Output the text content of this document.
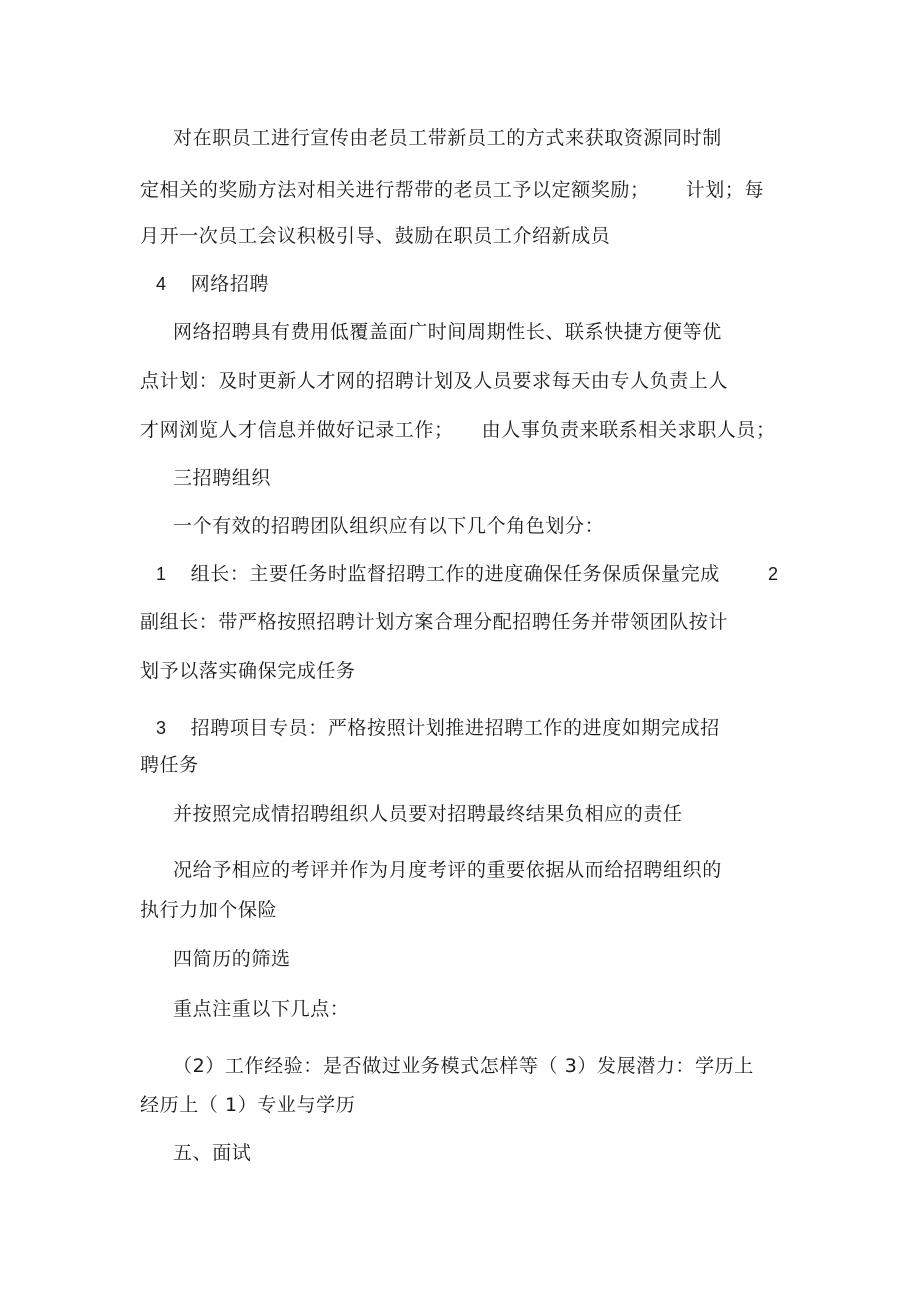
对在职员工进行宣传由老员工带新员工的方式来获取资源同时制
定相关的奖励方法对相关进行帮带的老员工予以定额奖励； 计划；每
月开一次员工会议积极引导、鼓励在职员工介绍新成员
4 网络招聘
网络招聘具有费用低覆盖面广时间周期性长、联系快捷方便等优
点计划：及时更新人才网的招聘计划及人员要求每天由专人负责上人
才网浏览人才信息并做好记录工作； 由人事负责来联系相关求职人员；
三招聘组织
一个有效的招聘团队组织应有以下几个角色划分：
1 组长：主要任务时监督招聘工作的进度确保任务保质保量完成	2
副组长：带严格按照招聘计划方案合理分配招聘任务并带领团队按计
划予以落实确保完成任务
3 招聘项目专员：严格按照计划推进招聘工作的进度如期完成招
聘任务
并按照完成情招聘组织人员要对招聘最终结果负相应的责任
况给予相应的考评并作为月度考评的重要依据从而给招聘组织的
执行力加个保险
四简历的筛选
重点注重以下几点：
（2）工作经验：是否做过业务模式怎样等（ 3）发展潜力：学历上
经历上（ 1）专业与学历
五、面试
